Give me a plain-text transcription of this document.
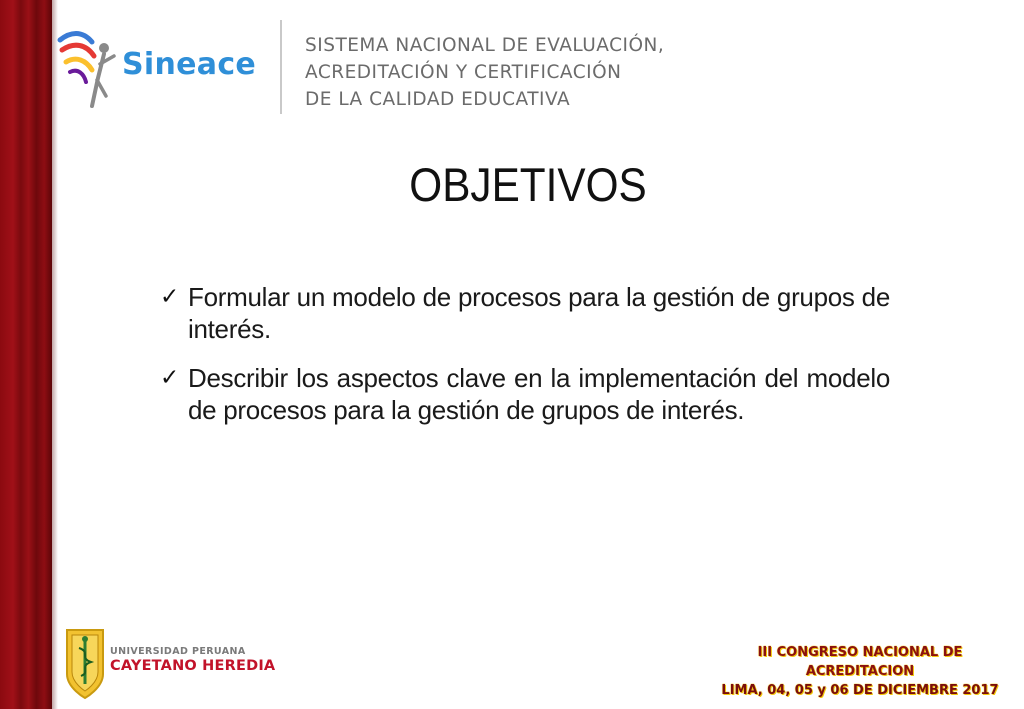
Sineace
SISTEMA NACIONAL DE EVALUACIÓN,
ACREDITACIÓN Y CERTIFICACIÓN
DE LA CALIDAD EDUCATIVA
OBJETIVOS
✓ Formular un modelo de procesos para la gestión de grupos de interés.
✓ Describir los aspectos clave en la implementación del modelo de procesos para la gestión de grupos de interés.
UNIVERSIDAD PERUANA
CAYETANO HEREDIA
III CONGRESO NACIONAL DE
ACREDITACION
LIMA, 04, 05 y 06 DE DICIEMBRE 2017
